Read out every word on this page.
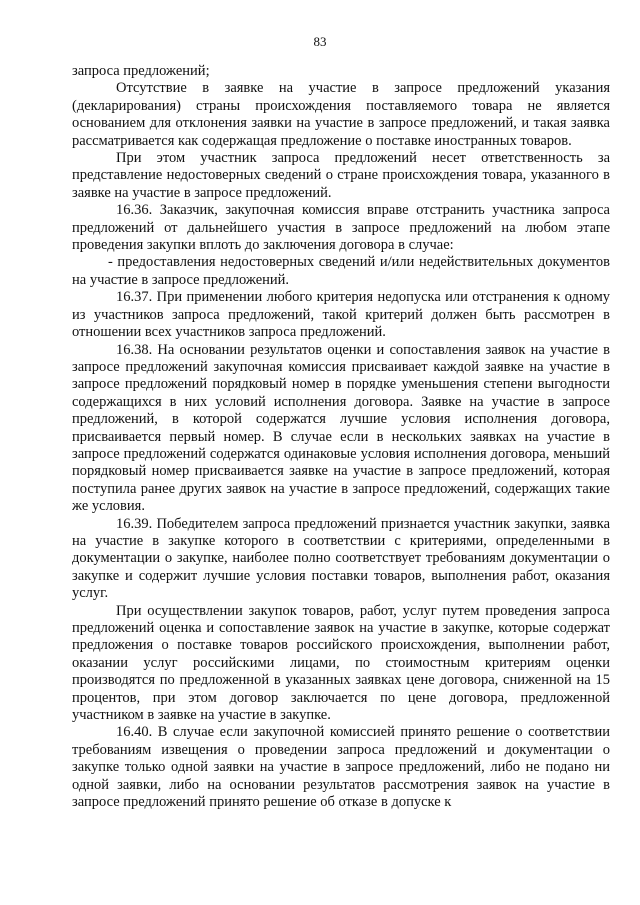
83

запроса предложений;

Отсутствие в заявке на участие в запросе предложений указания (декларирования) страны происхождения поставляемого товара не является основанием для отклонения заявки на участие в запросе предложений, и такая заявка рассматривается как содержащая предложение о поставке иностранных товаров.

При этом участник запроса предложений несет ответственность за представление недостоверных сведений о стране происхождения товара, указанного в заявке на участие в запросе предложений.

16.36. Заказчик, закупочная комиссия вправе отстранить участника запроса предложений от дальнейшего участия в запросе предложений на любом этапе проведения закупки вплоть до заключения договора в случае:

- предоставления недостоверных сведений и/или недействительных документов на участие в запросе предложений.

16.37. При применении любого критерия недопуска или отстранения к одному из участников запроса предложений, такой критерий должен быть рассмотрен в отношении всех участников запроса предложений.

16.38. На основании результатов оценки и сопоставления заявок на участие в запросе предложений закупочная комиссия присваивает каждой заявке на участие в запросе предложений порядковый номер в порядке уменьшения степени выгодности содержащихся в них условий исполнения договора. Заявке на участие в запросе предложений, в которой содержатся лучшие условия исполнения договора, присваивается первый номер. В случае если в нескольких заявках на участие в запросе предложений содержатся одинаковые условия исполнения договора, меньший порядковый номер присваивается заявке на участие в запросе предложений, которая поступила ранее других заявок на участие в запросе предложений, содержащих такие же условия.

16.39. Победителем запроса предложений признается участник закупки, заявка на участие в закупке которого в соответствии с критериями, определенными в документации о закупке, наиболее полно соответствует требованиям документации о закупке и содержит лучшие условия поставки товаров, выполнения работ, оказания услуг.

При осуществлении закупок товаров, работ, услуг путем проведения запроса предложений оценка и сопоставление заявок на участие в закупке, которые содержат предложения о поставке товаров российского происхождения, выполнении работ, оказании услуг российскими лицами, по стоимостным критериям оценки производятся по предложенной в указанных заявках цене договора, сниженной на 15 процентов, при этом договор заключается по цене договора, предложенной участником в заявке на участие в закупке.

16.40. В случае если закупочной комиссией принято решение о соответствии требованиям извещения о проведении запроса предложений и документации о закупке только одной заявки на участие в запросе предложений, либо не подано ни одной заявки, либо на основании результатов рассмотрения заявок на участие в запросе предложений принято решение об отказе в допуске к
